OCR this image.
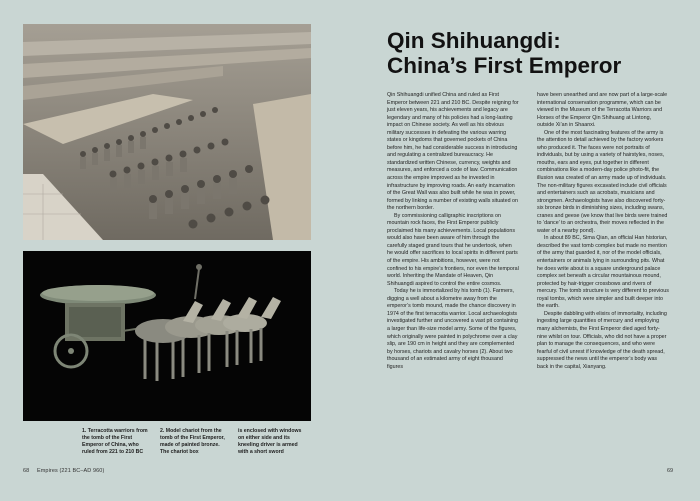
1. Terracotta warriors from the tomb of the First Emperor of China, who ruled from 221 to 210 BC
2. Model chariot from the tomb of the First Emperor, made of painted bronze. The chariot box
is enclosed with windows on either side and its kneeling driver is armed with a short sword
68 Empires (221 BC–AD 960)	69
Qin Shihuangdi:
China’s First Emperor

Qin Shihuangdi unified China and ruled as First Emperor between 221 and 210 BC. Despite reigning for just eleven years, his achievements and legacy are legendary and many of his policies had a long-lasting impact on Chinese society. As well as his obvious military successes in defeating the various warring states or kingdoms that governed pockets of China before him, he had considerable success in introducing and regulating a centralized bureaucracy. He standardized written Chinese, currency, weights and measures, and enforced a code of law. Communication across the empire improved as he invested in infrastructure by improving roads. An early incarnation of the Great Wall was also built while he was in power, formed by linking a number of existing walls situated on the northern border.

By commissioning calligraphic inscriptions on mountain rock faces, the First Emperor publicly proclaimed his many achievements. Local populations would also have been aware of him through the carefully staged grand tours that he undertook, when he would offer sacrifices to local spirits in different parts of the empire. His ambitions, however, were not confined to his empire’s frontiers, nor even the temporal world. Inheriting the Mandate of Heaven, Qin Shihuangdi aspired to control the entire cosmos.

Today he is immortalized by his tomb (1). Farmers, digging a well about a kilometre away from the emperor’s tomb mound, made the chance discovery in 1974 of the first terracotta warrior. Local archaeologists investigated further and uncovered a vast pit containing a larger than life-size model army. Some of the figures, which originally were painted in polychrome over a clay slip, are 190 cm in height and they are complemented by horses, chariots and cavalry horses (2). About two thousand of an estimated army of eight thousand figures

have been unearthed and are now part of a large-scale international conservation programme, which can be viewed in the Museum of the Terracotta Warriors and Horses of the Emperor Qin Shihuang at Lintong, outside Xi’an in Shaanxi.

One of the most fascinating features of the army is the attention to detail achieved by the factory workers who produced it. The faces were not portraits of individuals, but by using a variety of hairstyles, noses, mouths, ears and eyes, put together in different combinations like a modern-day police photo-fit, the illusion was created of an army made up of individuals. The non-military figures excavated include civil officials and entertainers such as acrobats, musicians and strongmen. Archaeologists have also discovered forty-six bronze birds in diminishing sizes, including swans, cranes and geese (we know that live birds were trained to ‘dance’ to an orchestra, their moves reflected in the water of a nearby pond).

In about 89 BC, Sima Qian, an official Han historian, described the vast tomb complex but made no mention of the army that guarded it, nor of the model officials, entertainers or animals lying in surrounding pits. What he does write about is a square underground palace complex set beneath a circular mountainous mound, protected by hair-trigger crossbows and rivers of mercury. The tomb structure is very different to previous royal tombs, which were simpler and built deeper into the earth.

Despite dabbling with elixirs of immortality, including ingesting large quantities of mercury and employing many alchemists, the First Emperor died aged forty-nine whilst on tour. Officials, who did not have a proper plan to manage the consequences, and who were fearful of civil unrest if knowledge of the death spread, suppressed the news until the emperor’s body was back in the capital, Xianyang.
